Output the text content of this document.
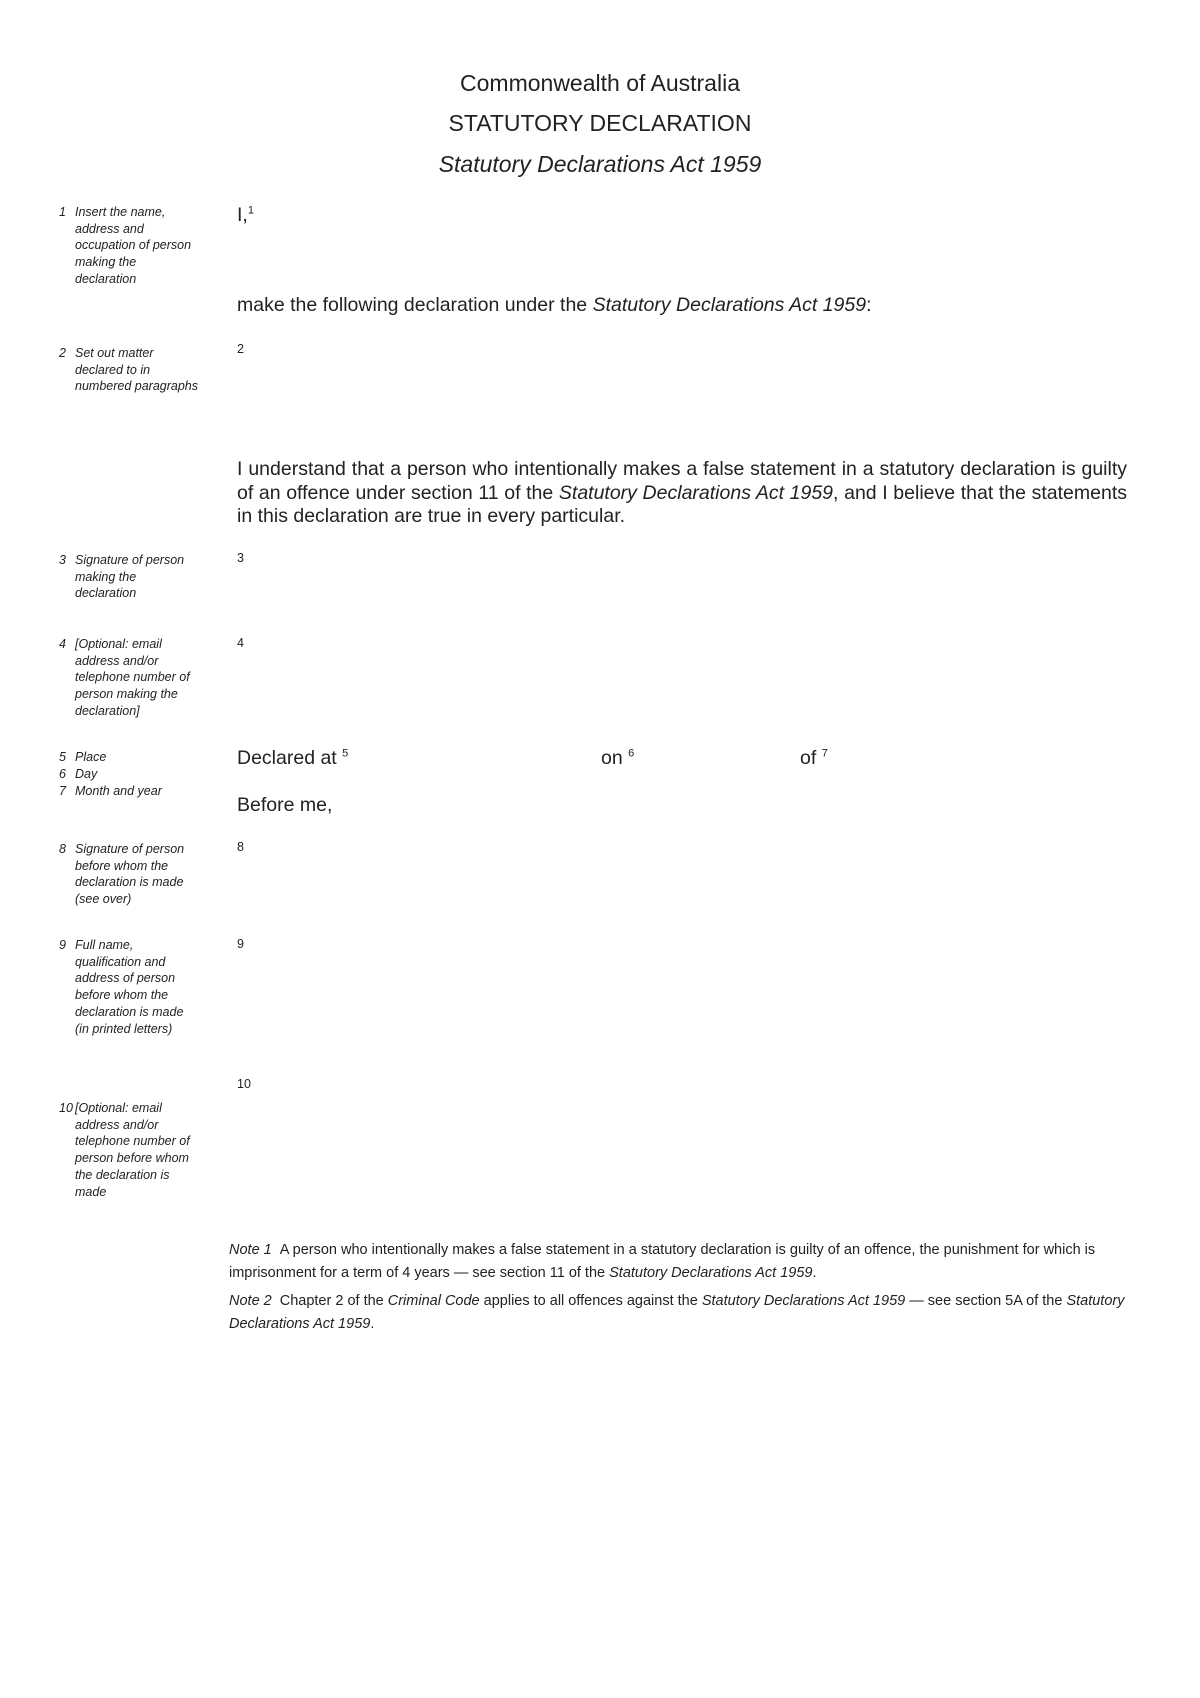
Commonwealth of Australia
STATUTORY DECLARATION
Statutory Declarations Act 1959
1 Insert the name, address and occupation of person making the declaration
2 Set out matter declared to in numbered paragraphs
3 Signature of person making the declaration
4 [Optional: email address and/or telephone number of person making the declaration]
5 Place
6 Day
7 Month and year
8 Signature of person before whom the declaration is made (see over)
9 Full name, qualification and address of person before whom the declaration is made (in printed letters)
10 [Optional: email address and/or telephone number of person before whom the declaration is made
I,$^1$
make the following declaration under the Statutory Declarations Act 1959:
2
I understand that a person who intentionally makes a false statement in a statutory declaration is guilty of an offence under section 11 of the Statutory Declarations Act 1959, and I believe that the statements in this declaration are true in every particular.
3
4
Declared at $^5$	on $^6$	of $^7$
Before me,
8
9
10
Note 1 A person who intentionally makes a false statement in a statutory declaration is guilty of an offence, the punishment for which is imprisonment for a term of 4 years — see section 11 of the Statutory Declarations Act 1959.
Note 2 Chapter 2 of the Criminal Code applies to all offences against the Statutory Declarations Act 1959 — see section 5A of the Statutory Declarations Act 1959.
